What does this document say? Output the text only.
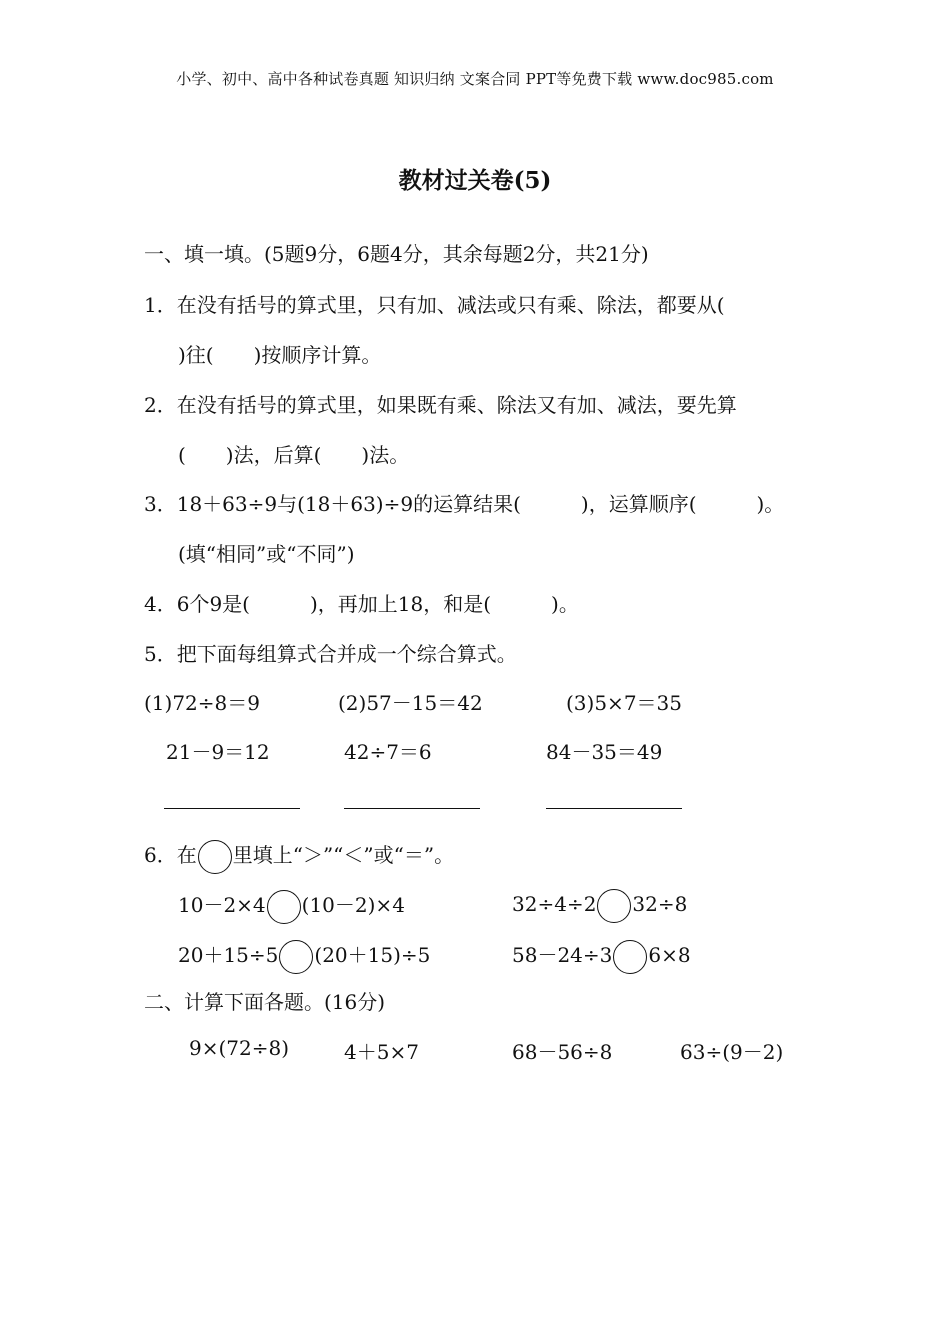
小学、初中、高中各种试卷真题 知识归纳 文案合同 PPT等免费下载 www.doc985.com
教材过关卷(5)
一、填一填。(5题9分，6题4分，其余每题2分，共21分)
1．在没有括号的算式里，只有加、减法或只有乘、除法，都要从(
)往(　　)按顺序计算。
2．在没有括号的算式里，如果既有乘、除法又有加、减法，要先算
(　　)法，后算(　　)法。
3．18＋63÷9与(18＋63)÷9的运算结果(　　　)，运算顺序(　　　)。
(填“相同”或“不同”)
4．6个9是(　　　)，再加上18，和是(　　　)。
5．把下面每组算式合并成一个综合算式。
(1)72÷8＝9	(2)57－15＝42	(3)5×7＝35
21－9＝12	42÷7＝6	84－35＝49
6．在 里填上“＞”“＜”或“＝”。
10－2×4 (10－2)×4	32÷4÷2 32÷8
20＋15÷5 (20＋15)÷5	58－24÷3 6×8
二、计算下面各题。(16分)
9×(72÷8)	4＋5×7	68－56÷8	63÷(9－2)
